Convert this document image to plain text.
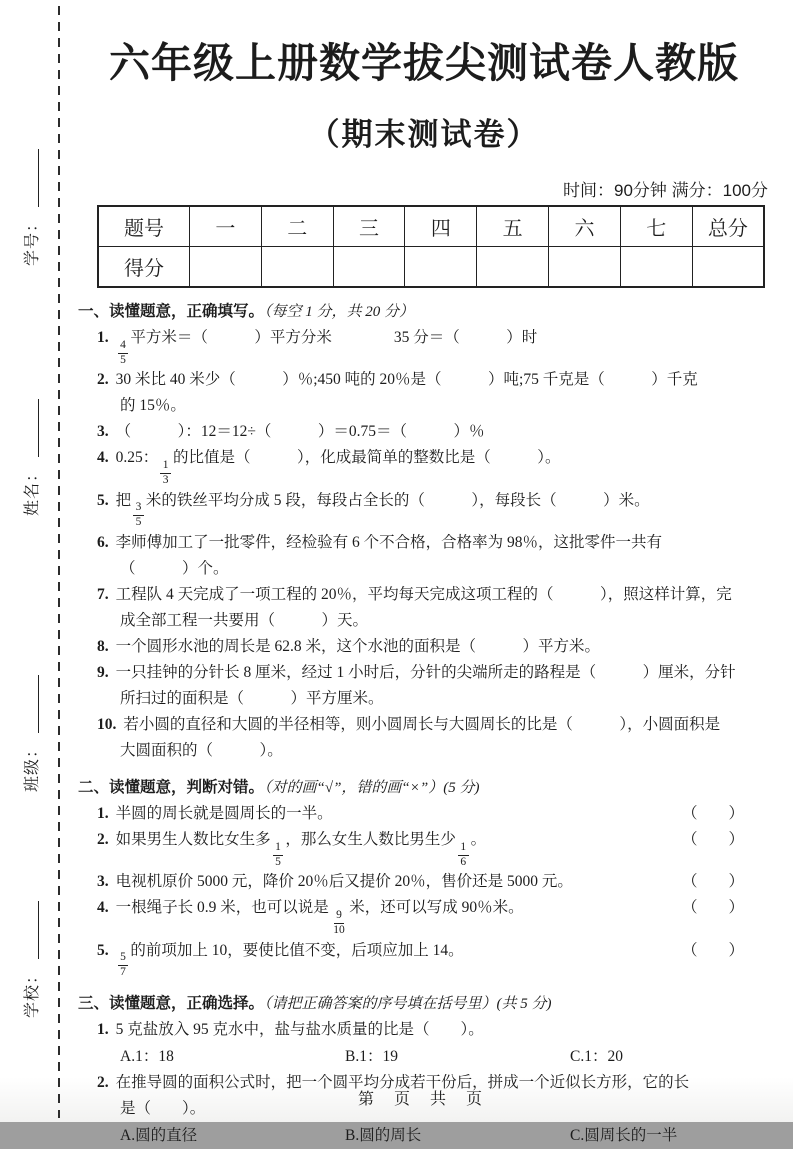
学号：
姓名：
班级：
学校：
六年级上册数学拔尖测试卷人教版
（期末测试卷）
时间：90分钟 满分：100分
题号	一	二	三	四	五	六	七	总分
得分								
一、读懂题意，正确填写。（每空 1 分，共 20 分）
1.
$\frac{4}{5}$
平方米＝（　　　）平方分米　　　　35 分＝（　　　）时
2. 30 米比 40 米少（　　　）％;450 吨的 20％是（　　　）吨;75 千克是（　　　）千克
的 15％。
3. （　　　）：12＝12÷（　　　）＝0.75＝（　　　）％
4. 0.25：
$\frac{1}{3}$
的比值是（　　　），化成最简单的整数比是（　　　）。
5. 把
$\frac{3}{5}$
米的铁丝平均分成 5 段，每段占全长的（　　　），每段长（　　　）米。
6. 李师傅加工了一批零件，经检验有 6 个不合格，合格率为 98％，这批零件一共有
（　　　）个。
7. 工程队 4 天完成了一项工程的 20％，平均每天完成这项工程的（　　　），照这样计算，完
成全部工程一共要用（　　　）天。
8. 一个圆形水池的周长是 62.8 米，这个水池的面积是（　　　）平方米。
9. 一只挂钟的分针长 8 厘米，经过 1 小时后，分针的尖端所走的路程是（　　　）厘米，分针
所扫过的面积是（　　　）平方厘米。
10. 若小圆的直径和大圆的半径相等，则小圆周长与大圆周长的比是（　　　），小圆面积是
大圆面积的（　　　）。
二、读懂题意，判断对错。（对的画“√”，错的画“×”）(5 分)
1. 半圆的周长就是圆周长的一半。	（　　）
2. 如果男生人数比女生多
$\frac{1}{5}$
，那么女生人数比男生少
$\frac{1}{6}$
。	（　　）
3. 电视机原价 5000 元，降价 20％后又提价 20％，售价还是 5000 元。	（　　）
4. 一根绳子长 0.9 米，也可以说是
$\frac{9}{10}$
米，还可以写成 90％米。	（　　）
5.
$\frac{5}{7}$
的前项加上 10，要使比值不变，后项应加上 14。	（　　）
三、读懂题意，正确选择。（请把正确答案的序号填在括号里）(共 5 分)
1. 5 克盐放入 95 克水中，盐与盐水质量的比是（　　）。
A.1：18	B.1：19	C.1：20
2. 在推导圆的面积公式时，把一个圆平均分成若干份后，拼成一个近似长方形，它的长
是（　　）。
A.圆的直径	B.圆的周长	C.圆周长的一半
第 页 共 页
